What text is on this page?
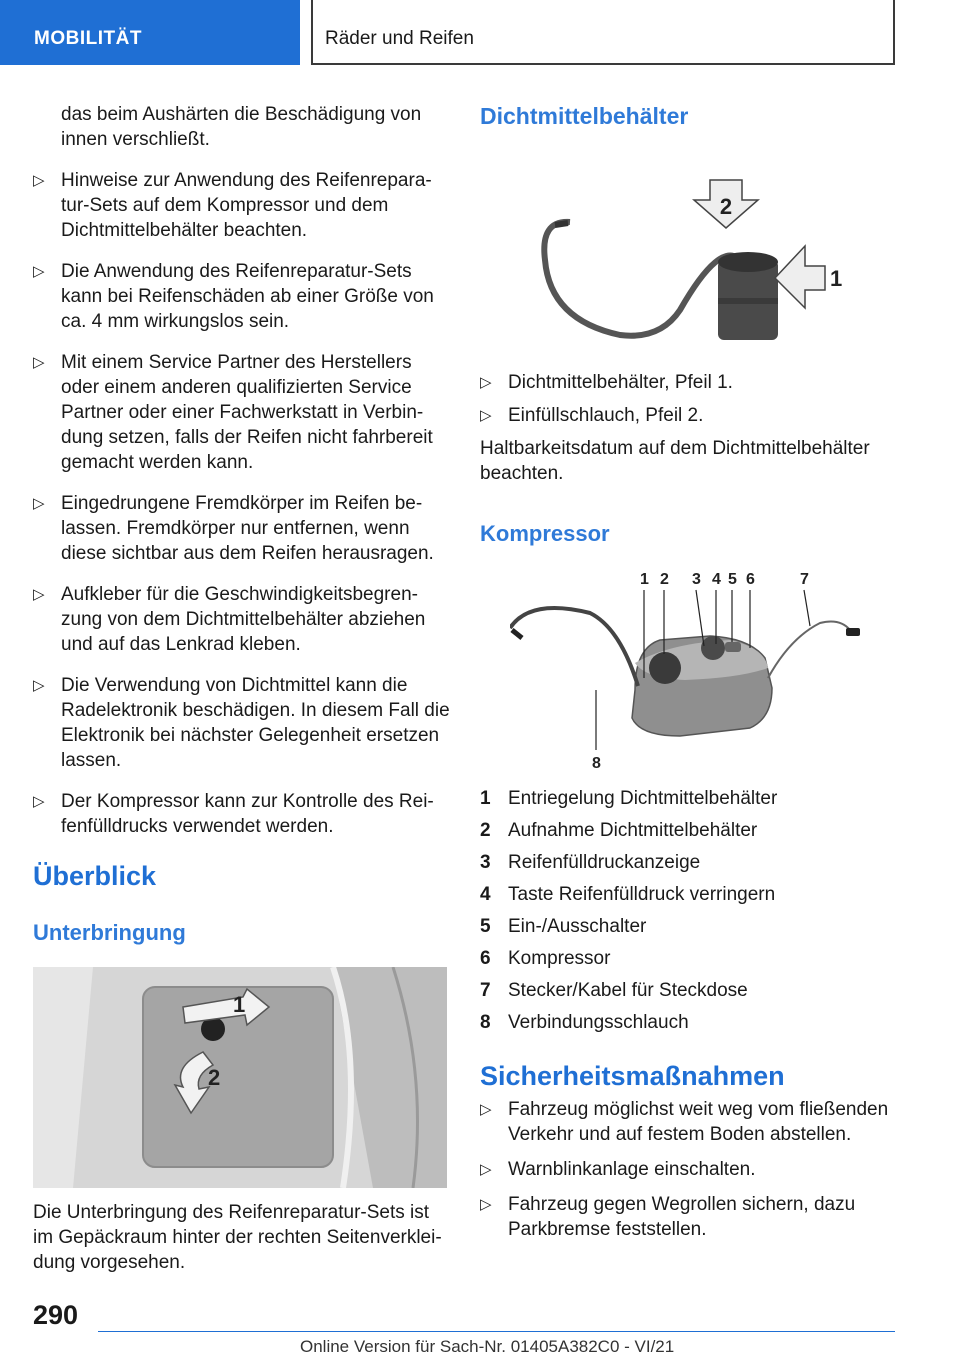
MOBILITÄT	Räder und Reifen

das beim Aushärten die Beschädigung von innen verschließt.

▷ Hinweise zur Anwendung des Reifenrepara-tur-Sets auf dem Kompressor und dem Dichtmittelbehälter beachten.
▷ Die Anwendung des Reifenreparatur-Sets kann bei Reifenschäden ab einer Größe von ca. 4 mm wirkungslos sein.
▷ Mit einem Service Partner des Herstellers oder einem anderen qualifizierten Service Partner oder einer Fachwerkstatt in Verbin-dung setzen, falls der Reifen nicht fahrbereit gemacht werden kann.
▷ Eingedrungene Fremdkörper im Reifen be-lassen. Fremdkörper nur entfernen, wenn diese sichtbar aus dem Reifen herausragen.
▷ Aufkleber für die Geschwindigkeitsbegren-zung von dem Dichtmittelbehälter abziehen und auf das Lenkrad kleben.
▷ Die Verwendung von Dichtmittel kann die Radelektronik beschädigen. In diesem Fall die Elektronik bei nächster Gelegenheit ersetzen lassen.
▷ Der Kompressor kann zur Kontrolle des Rei-fenfülldrucks verwendet werden.
Überblick
Unterbringung
1
2

Die Unterbringung des Reifenreparatur-Sets ist im Gepäckraum hinter der rechten Seitenverklei-dung vorgesehen.

Dichtmittelbehälter
2
1
▷ Dichtmittelbehälter, Pfeil 1.
▷ Einfüllschlauch, Pfeil 2.

Haltbarkeitsdatum auf dem Dichtmittelbehälter beachten.

Kompressor
1 2 3 4 5 6	7
8
1 Entriegelung Dichtmittelbehälter
2 Aufnahme Dichtmittelbehälter
3 Reifenfülldruckanzeige
4 Taste Reifenfülldruck verringern
5 Ein-/Ausschalter
6 Kompressor
7 Stecker/Kabel für Steckdose
8 Verbindungsschlauch
Sicherheitsmaßnahmen
▷ Fahrzeug möglichst weit weg vom fließenden Verkehr und auf festem Boden abstellen.
▷ Warnblinkanlage einschalten.
▷ Fahrzeug gegen Wegrollen sichern, dazu Parkbremse feststellen.
290
Online Version für Sach-Nr. 01405A382C0 - VI/21
